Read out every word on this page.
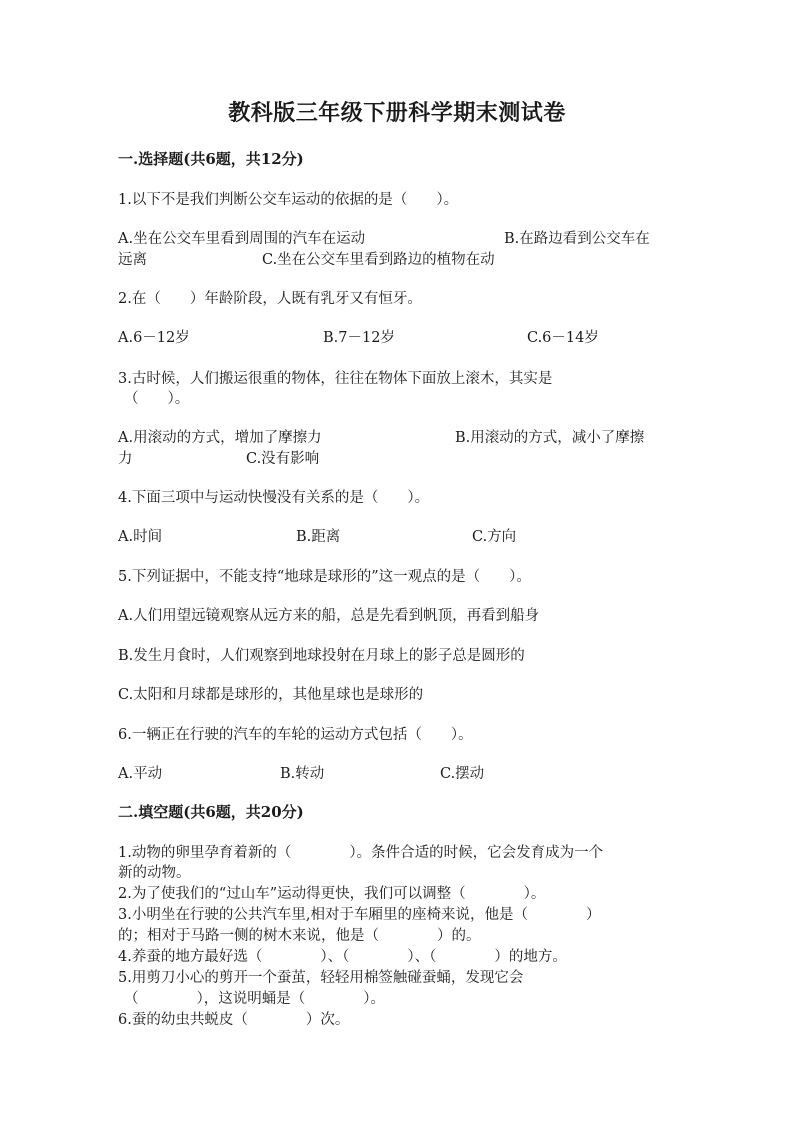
教科版三年级下册科学期末测试卷
一.选择题(共6题，共12分)
1.以下不是我们判断公交车运动的依据的是（　　）。
A.坐在公交车里看到周围的汽车在运动	B.在路边看到公交车在
远离	C.坐在公交车里看到路边的植物在动
2.在（　　）年龄阶段，人既有乳牙又有恒牙。
A.6－12岁	B.7－12岁	C.6－14岁
3.古时候，人们搬运很重的物体，往往在物体下面放上滚木，其实是
（　　）。
A.用滚动的方式，增加了摩擦力	B.用滚动的方式，减小了摩擦
力	C.没有影响
4.下面三项中与运动快慢没有关系的是（　　）。
A.时间	B.距离	C.方向
5.下列证据中，不能支持“地球是球形的”这一观点的是（　　）。
A.人们用望远镜观察从远方来的船，总是先看到帆顶，再看到船身
B.发生月食时，人们观察到地球投射在月球上的影子总是圆形的
C.太阳和月球都是球形的，其他星球也是球形的
6.一辆正在行驶的汽车的车轮的运动方式包括（　　）。
A.平动	B.转动	C.摆动
二.填空题(共6题，共20分)
1.动物的卵里孕育着新的（　　　　）。条件合适的时候，它会发育成为一个
新的动物。
2.为了使我们的“过山车”运动得更快，我们可以调整（　　　　）。
3.小明坐在行驶的公共汽车里,相对于车厢里的座椅来说，他是（　　　　）
的；相对于马路一侧的树木来说，他是（　　　　）的。
4.养蚕的地方最好选（　　　　）、（　　　　）、（　　　　）的地方。
5.用剪刀小心的剪开一个蚕茧，轻轻用棉签触碰蚕蛹，发现它会
（　　　　），这说明蛹是（　　　　）。
6.蚕的幼虫共蜕皮（　　　　）次。
